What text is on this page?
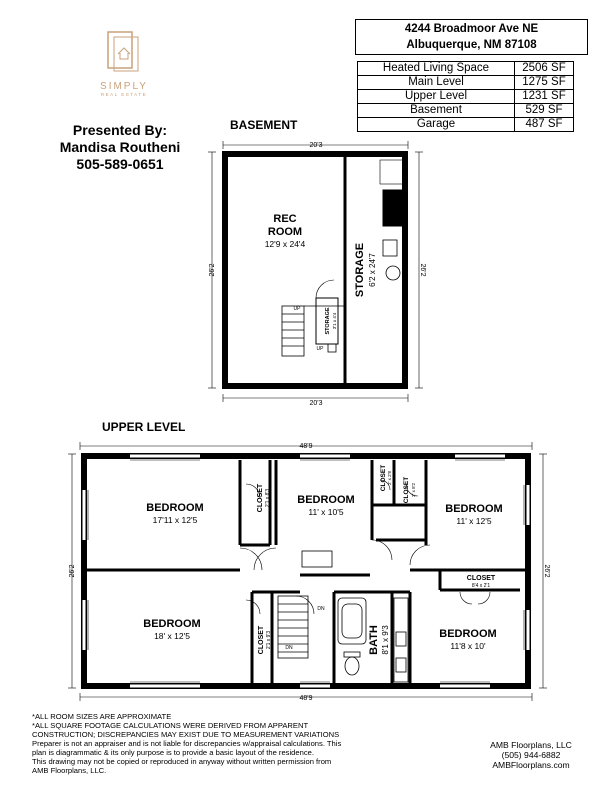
4244 Broadmoor Ave NE
Albuquerque, NM 87108
Heated Living Space	2506 SF
Main Level	1275 SF
Upper Level	1231 SF
Basement	529 SF
Garage	487 SF
SIMPLY
REAL ESTATE
Presented By:
Mandisa Routheni
505-589-0651
BASEMENT
UPPER LEVEL
20'3
20'3
26'2	26'2
48'9
48'9
26'2	26'2
REC
ROOM
12'9 x 24'4	STORAGE 6'2 x 24'7
STORAGE 3'1 x 4'4
UP
UP
BEDROOM
17'11 x 12'5
BEDROOM
11' x 10'5	BEDROOM
11' x 12'5
BEDROOM
18' x 12'5	BEDROOM
11'8 x 10'
CLOSET 2'1 x 8'3
CLOSET 2' x 2'8 CLOSET 2' x 8'2
CLOSET
8'4 x 2'1
CLOSET 2'1 x 9'3	BATH 8'1 x 9'3
DN
DN
*ALL ROOM SIZES ARE APPROXIMATE
*ALL SQUARE FOOTAGE CALCULATIONS WERE DERIVED FROM APPARENT
CONSTRUCTION; DISCREPANCIES MAY EXIST DUE TO MEASUREMENT VARIATIONS
Preparer is not an appraiser and is not liable for discrepancies w/appraisal calculations. This
plan is diagrammatic & its only purpose is to provide a basic layout of the residence.
This drawing may not be copied or reproduced in anyway without written permission from
AMB Floorplans, LLC.
AMB Floorplans, LLC
(505) 944-6882
AMBFloorplans.com
